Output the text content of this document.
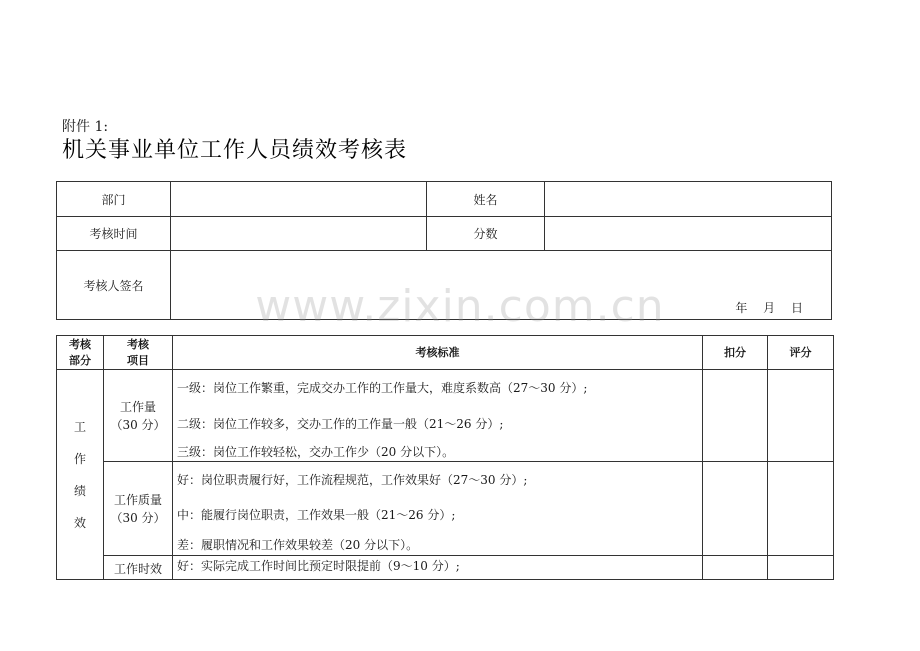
附件 1:
机关事业单位工作人员绩效考核表
部门		姓名	
考核时间		分数	
考核人签名	年 月 日		
考核部分	考核项目	考核标准	扣分	评分

工
作
绩
效	工作量
（30 分）	一级：岗位工作繁重，完成交办工作的工作量大，难度系数高（27～30 分）;
二级：岗位工作较多，交办工作的工作量一般（21～26 分）;
三级：岗位工作较轻松，交办工作少（20 分以下）。		

	工作质量
（30 分）	好：岗位职责履行好，工作流程规范，工作效果好（27～30 分）;
中：能履行岗位职责，工作效果一般（21～26 分）;
差：履职情况和工作效果较差（20 分以下）。		

	工作时效	好：实际完成工作时间比预定时限提前（9～10 分）;		

www.zixin.com.cn
